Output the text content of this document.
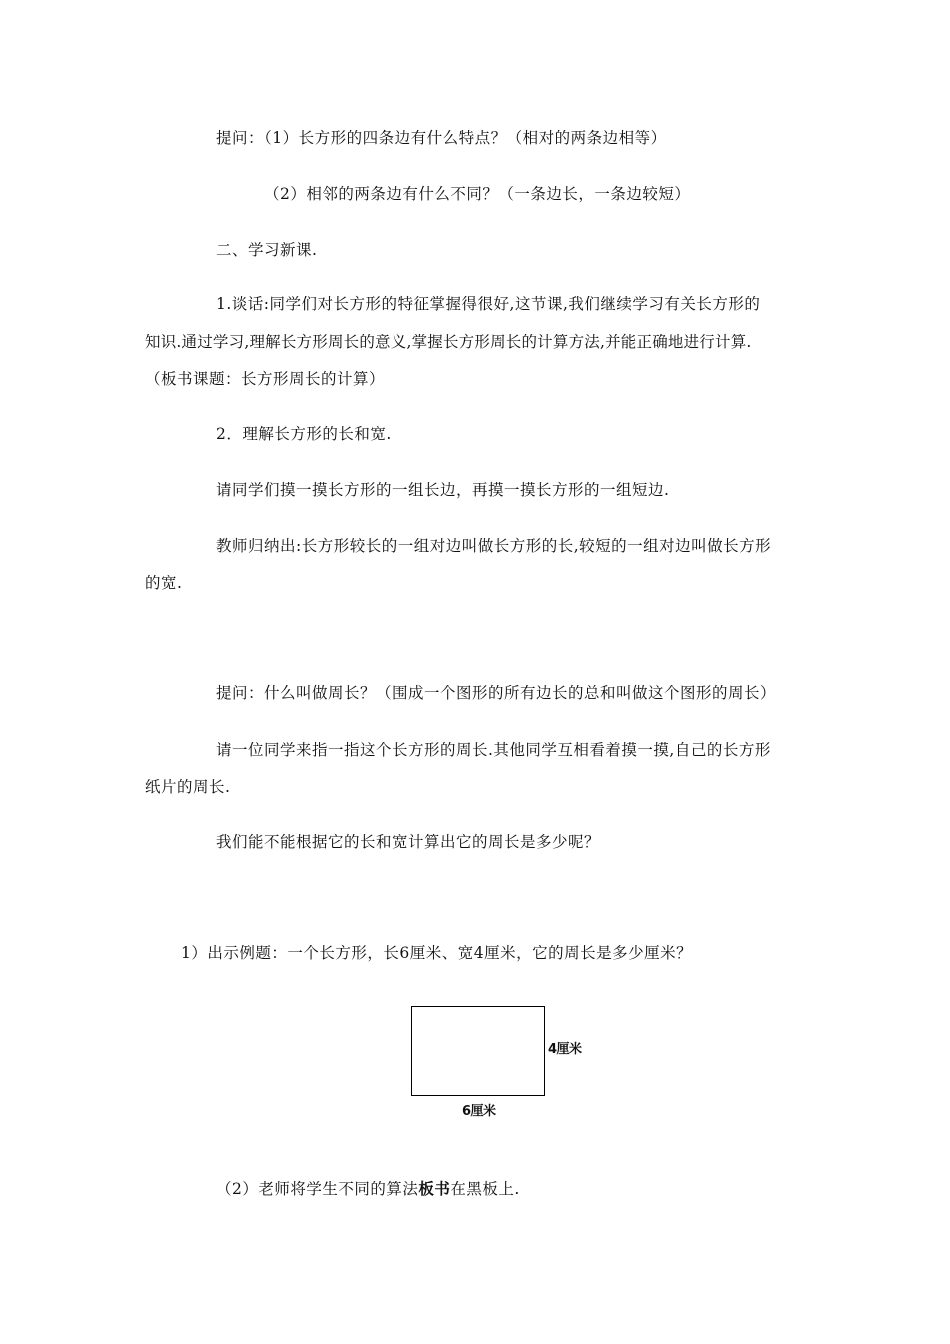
提问：（1）长方形的四条边有什么特点？（相对的两条边相等）
（2）相邻的两条边有什么不同？（一条边长，一条边较短）
二、学习新课.
1.谈话:同学们对长方形的特征掌握得很好,这节课,我们继续学习有关长方形的
知识.通过学习,理解长方形周长的意义,掌握长方形周长的计算方法,并能正确地进行计算.
（板书课题：长方形周长的计算）
2．理解长方形的长和宽.
请同学们摸一摸长方形的一组长边，再摸一摸长方形的一组短边.
教师归纳出:长方形较长的一组对边叫做长方形的长,较短的一组对边叫做长方形
的宽.
提问：什么叫做周长？（围成一个图形的所有边长的总和叫做这个图形的周长）
请一位同学来指一指这个长方形的周长.其他同学互相看着摸一摸,自己的长方形
纸片的周长.
我们能不能根据它的长和宽计算出它的周长是多少呢？
1）出示例题：一个长方形，长6厘米、宽4厘米，它的周长是多少厘米？
4厘米
6厘米
（2）老师将学生不同的算法板书在黑板上.
